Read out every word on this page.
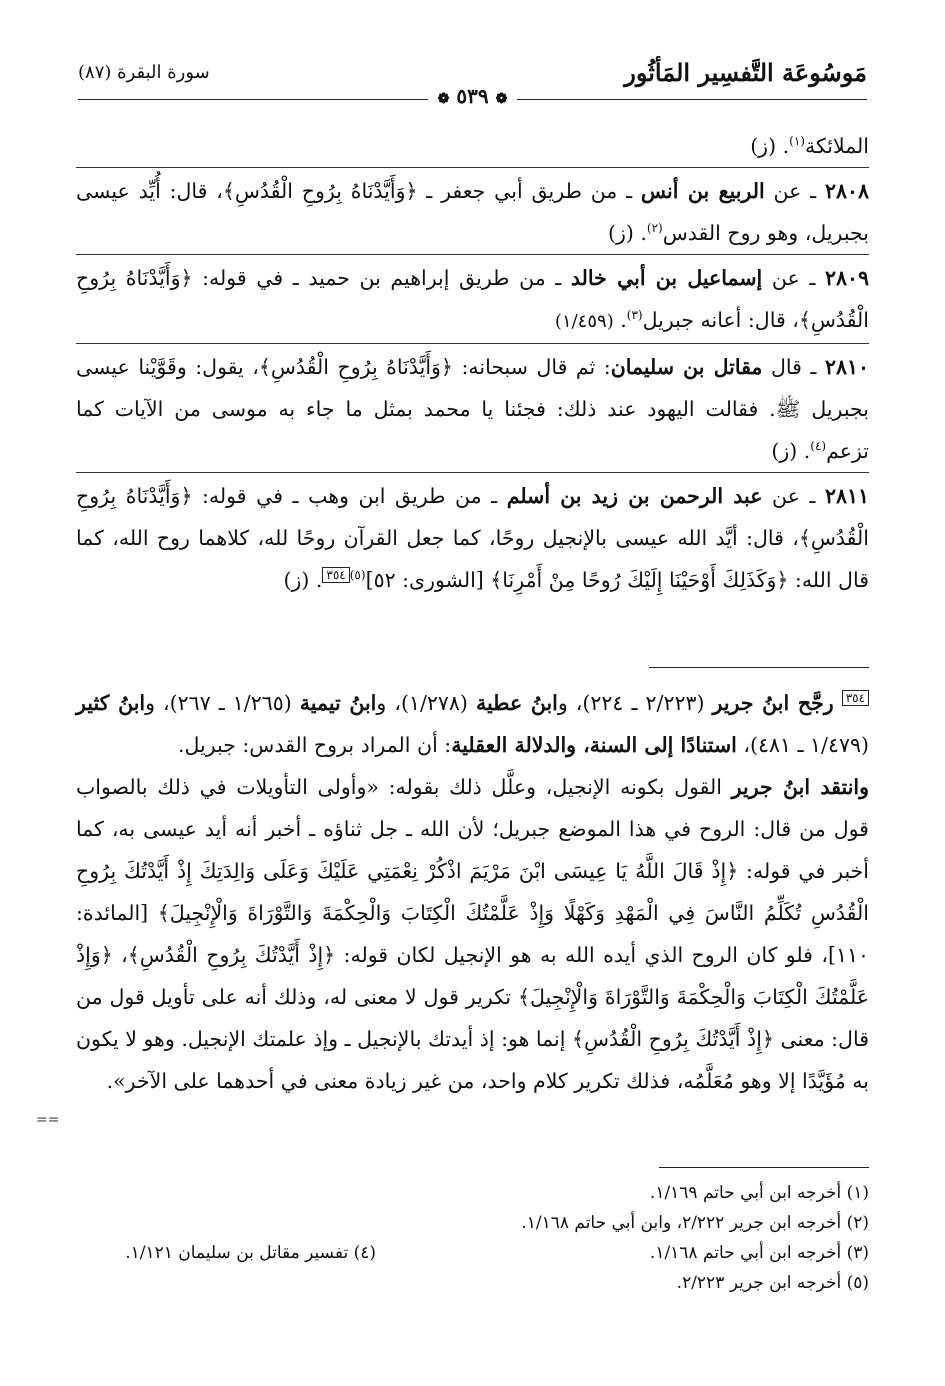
مَوسُوعَة التَّفسِير المَأثُور
سورة البقرة (٨٧)
❁ ٥٣٩ ❁

الملائكة$^{(١)}$. (ز)

٢٨٠٨ ـ عن الربيع بن أنس ـ من طريق أبي جعفر ـ ﴿وَأَيَّدْنَاهُ بِرُوحِ الْقُدُسِ﴾، قال: أُيِّد عيسى بجبريل، وهو روح القدس$^{(٢)}$. (ز)

٢٨٠٩ ـ عن إسماعيل بن أبي خالد ـ من طريق إبراهيم بن حميد ـ في قوله: ﴿وَأَيَّدْنَاهُ بِرُوحِ الْقُدُسِ﴾، قال: أعانه جبريل$^{(٣)}$. (١/٤٥٩)

٢٨١٠ ـ قال مقاتل بن سليمان: ثم قال سبحانه: ﴿وَأَيَّدْنَاهُ بِرُوحِ الْقُدُسِ﴾، يقول: وقَوَّيْنا عيسى بجبريل ﷺ. فقالت اليهود عند ذلك: فجئنا يا محمد بمثل ما جاء به موسى من الآيات كما تزعم$^{(٤)}$. (ز)

٢٨١١ ـ عن عبد الرحمن بن زيد بن أسلم ـ من طريق ابن وهب ـ في قوله: ﴿وَأَيَّدْنَاهُ بِرُوحِ الْقُدُسِ﴾، قال: أيَّد الله عيسى بالإنجيل روحًا، كما جعل القرآن روحًا لله، كلاهما روح الله، كما قال الله: ﴿وَكَذَلِكَ أَوْحَيْنَا إِلَيْكَ رُوحًا مِنْ أَمْرِنَا﴾ [الشورى: ٥٢]$^{(٥)}$٣٥٤. (ز)

٣٥٤ رجَّح ابنُ جرير (٢/٢٢٣ ـ ٢٢٤)، وابنُ عطية (١/٢٧٨)، وابنُ تيمية (١/٢٦٥ ـ ٢٦٧)، وابنُ كثير (١/٤٧٩ ـ ٤٨١)، استنادًا إلى السنة، والدلالة العقلية: أن المراد بروح القدس: جبريل.

وانتقد ابنُ جرير القول بكونه الإنجيل، وعلَّل ذلك بقوله: «وأولى التأويلات في ذلك بالصواب قول من قال: الروح في هذا الموضع جبريل؛ لأن الله ـ جل ثناؤه ـ أخبر أنه أيد عيسى به، كما أخبر في قوله: ﴿إِذْ قَالَ اللَّهُ يَا عِيسَى ابْنَ مَرْيَمَ اذْكُرْ نِعْمَتِي عَلَيْكَ وَعَلَى وَالِدَتِكَ إِذْ أَيَّدْتُكَ بِرُوحِ الْقُدُسِ تُكَلِّمُ النَّاسَ فِي الْمَهْدِ وَكَهْلًا وَإِذْ عَلَّمْتُكَ الْكِتَابَ وَالْحِكْمَةَ وَالتَّوْرَاةَ وَالْإِنْجِيلَ﴾ [المائدة: ١١٠]، فلو كان الروح الذي أيده الله به هو الإنجيل لكان قوله: ﴿إِذْ أَيَّدْتُكَ بِرُوحِ الْقُدُسِ﴾، ﴿وَإِذْ عَلَّمْتُكَ الْكِتَابَ وَالْحِكْمَةَ وَالتَّوْرَاةَ وَالْإِنْجِيلَ﴾ تكرير قول لا معنى له، وذلك أنه على تأويل قول من قال: معنى ﴿إِذْ أَيَّدْتُكَ بِرُوحِ الْقُدُسِ﴾ إنما هو: إذ أيدتك بالإنجيل ـ وإذ علمتك الإنجيل. وهو لا يكون به مُؤَيَّدًا إلا وهو مُعَلَّمُه، فذلك تكرير كلام واحد، من غير زيادة معنى في أحدهما على الآخر».

==
(١) أخرجه ابن أبي حاتم ١/١٦٩.
(٢) أخرجه ابن جرير ٢/٢٢٢، وابن أبي حاتم ١/١٦٨.
(٣) أخرجه ابن أبي حاتم ١/١٦٨.
(٤) تفسير مقاتل بن سليمان ١/١٢١.
(٥) أخرجه ابن جرير ٢/٢٢٣.
